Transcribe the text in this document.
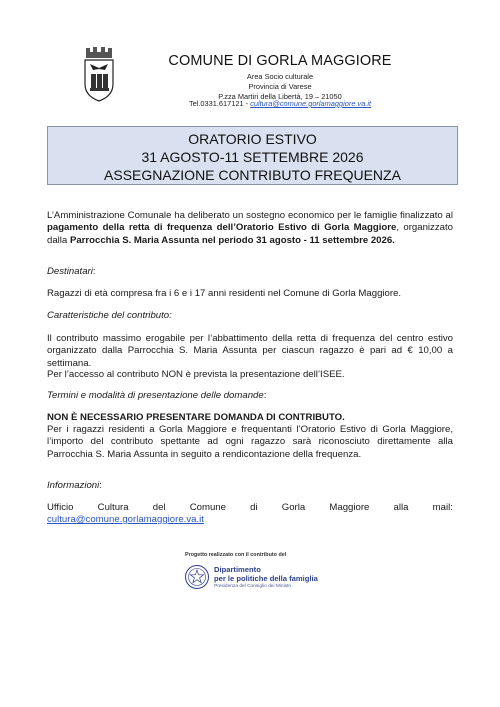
COMUNE DI GORLA MAGGIORE
Area Socio culturale
Provincia di Varese
P.zza Martiri della Libertà, 19 – 21050
Tel.0331.617121 - cultura@comune.gorlamaggiore.va.it
ORATORIO ESTIVO
31 AGOSTO-11 SETTEMBRE 2026
ASSEGNAZIONE CONTRIBUTO FREQUENZA
L’Amministrazione Comunale ha deliberato un sostegno economico per le famiglie finalizzato al pagamento della retta di frequenza dell’Oratorio Estivo di Gorla Maggiore, organizzato dalla Parrocchia S. Maria Assunta nel periodo 31 agosto - 11 settembre 2026.
Destinatari:
Ragazzi di età compresa fra i 6 e i 17 anni residenti nel Comune di Gorla Maggiore.
Caratteristiche del contributo:
Il contributo massimo erogabile per l’abbattimento della retta di frequenza del centro estivo organizzato dalla Parrocchia S. Maria Assunta per ciascun ragazzo è pari ad € 10,00 a settimana.
Per l’accesso al contributo NON è prevista la presentazione dell’ISEE.
Termini e modalità di presentazione delle domande:
NON È NECESSARIO PRESENTARE DOMANDA DI CONTRIBUTO.
Per i ragazzi residenti a Gorla Maggiore e frequentanti l’Oratorio Estivo di Gorla Maggiore, l’importo del contributo spettante ad ogni ragazzo sarà riconosciuto direttamente alla Parrocchia S. Maria Assunta in seguito a rendicontazione della frequenza.
Informazioni:
Ufficio	Cultura	del	Comune	di	Gorla	Maggiore	alla	mail:
cultura@comune.gorlamaggiore.va.it
Progetto realizzato con il contributo del
Dipartimento
per le politiche della famiglia
Presidenza del Consiglio dei Ministri
